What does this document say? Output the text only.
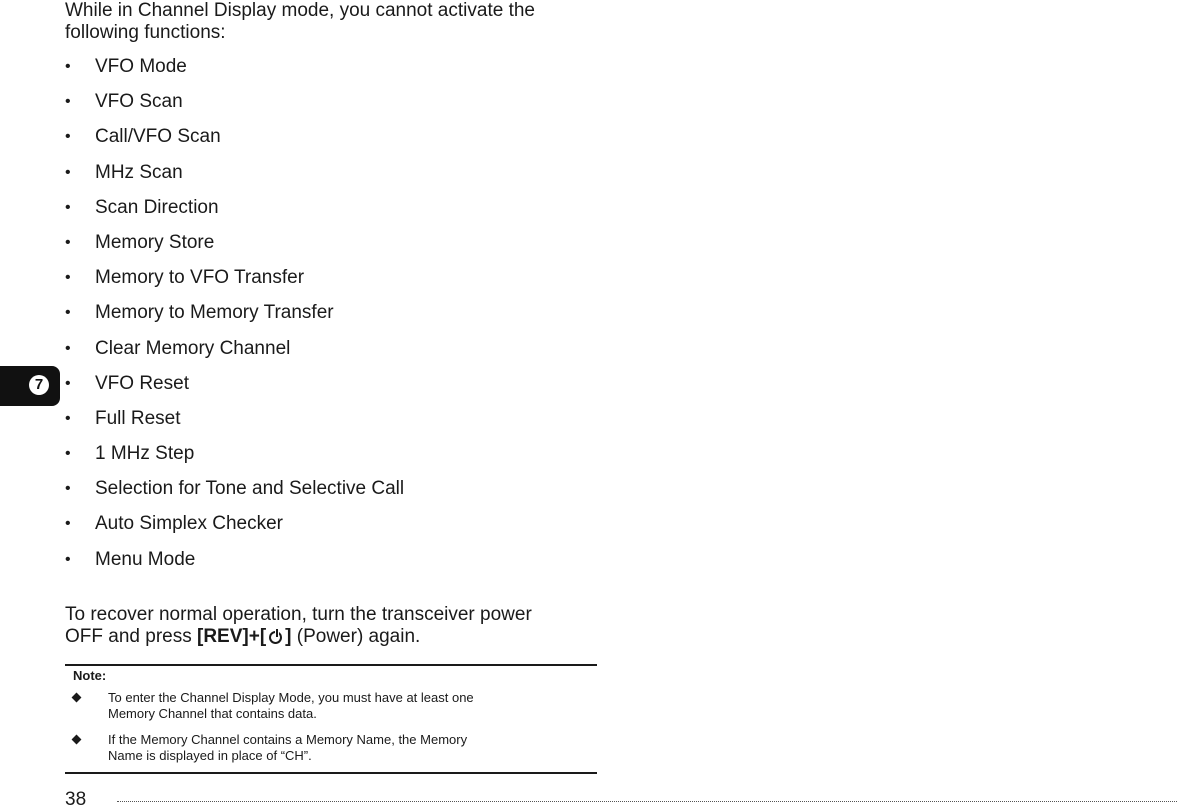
While in Channel Display mode, you cannot activate the
following functions:

• VFO Mode
• VFO Scan
• Call/VFO Scan
• MHz Scan
• Scan Direction
• Memory Store
• Memory to VFO Transfer
• Memory to Memory Transfer
• Clear Memory Channel
• VFO Reset
• Full Reset
• 1 MHz Step
• Selection for Tone and Selective Call
• Auto Simplex Checker
• Menu Mode
7

To recover normal operation, turn the transceiver power
OFF and press [REV]+[ ] (Power) again.

Note:

To enter the Channel Display Mode, you must have at least one
Memory Channel that contains data.
If the Memory Channel contains a Memory Name, the Memory
Name is displayed in place of “CH”.

38
